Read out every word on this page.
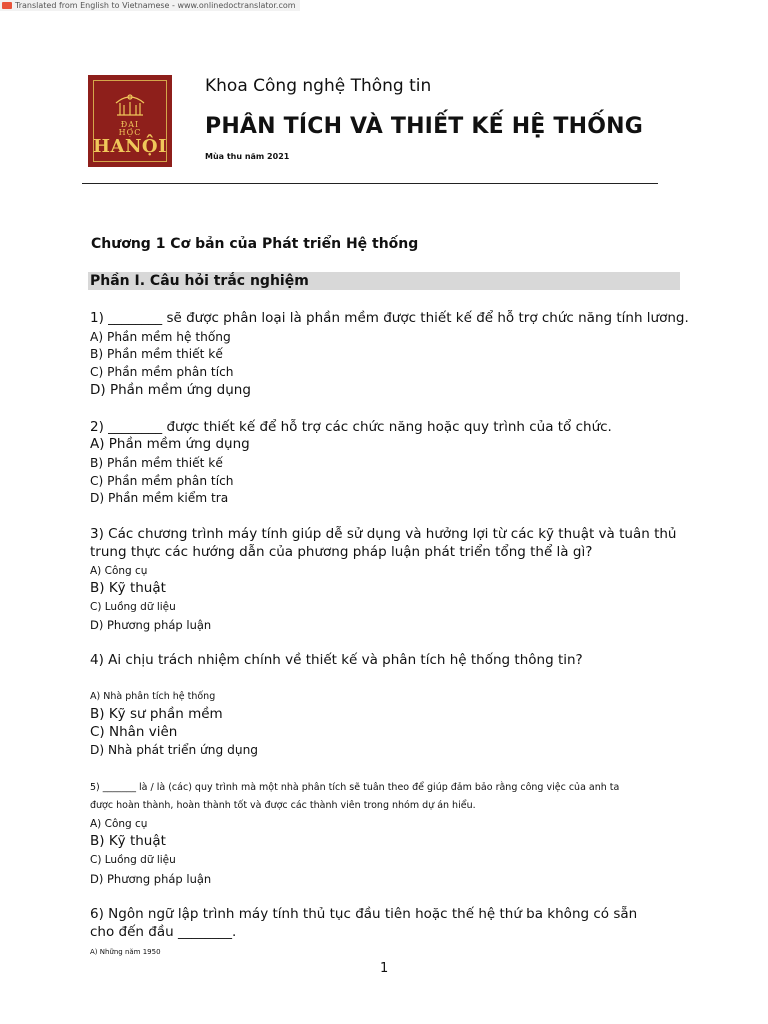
Translated from English to Vietnamese - www.onlinedoctranslator.com
ĐẠI
HỌC
HANỘI
Khoa Công nghệ Thông tin
PHÂN TÍCH VÀ THIẾT KẾ HỆ THỐNG
Mùa thu năm 2021
Chương 1 Cơ bản của Phát triển Hệ thống
Phần I. Câu hỏi trắc nghiệm
1) ________ sẽ được phân loại là phần mềm được thiết kế để hỗ trợ chức năng tính lương.
A) Phần mềm hệ thống
B) Phần mềm thiết kế
C) Phần mềm phân tích
D) Phần mềm ứng dụng
2) ________ được thiết kế để hỗ trợ các chức năng hoặc quy trình của tổ chức.
A) Phần mềm ứng dụng
B) Phần mềm thiết kế
C) Phần mềm phân tích
D) Phần mềm kiểm tra
3) Các chương trình máy tính giúp dễ sử dụng và hưởng lợi từ các kỹ thuật và tuân thủ
trung thực các hướng dẫn của phương pháp luận phát triển tổng thể là gì?
A) Công cụ
B) Kỹ thuật
C) Luồng dữ liệu
D) Phương pháp luận
4) Ai chịu trách nhiệm chính về thiết kế và phân tích hệ thống thông tin?
A) Nhà phân tích hệ thống
B) Kỹ sư phần mềm
C) Nhân viên
D) Nhà phát triển ứng dụng
5) _______ là / là (các) quy trình mà một nhà phân tích sẽ tuân theo để giúp đảm bảo rằng công việc của anh ta
được hoàn thành, hoàn thành tốt và được các thành viên trong nhóm dự án hiểu.
A) Công cụ
B) Kỹ thuật
C) Luồng dữ liệu
D) Phương pháp luận
6) Ngôn ngữ lập trình máy tính thủ tục đầu tiên hoặc thế hệ thứ ba không có sẵn
cho đến đầu ________.
A) Những năm 1950
1
